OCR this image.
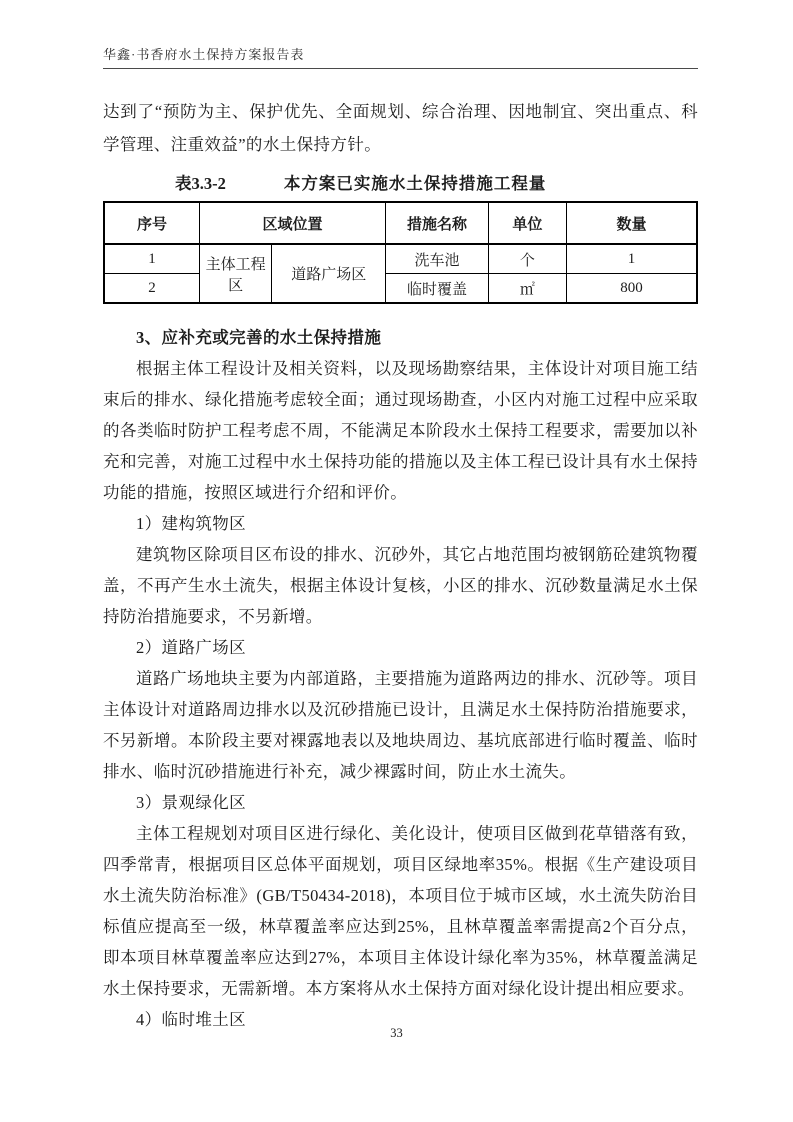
华鑫·书香府水土保持方案报告表

达到了“预防为主、保护优先、全面规划、综合治理、因地制宜、突出重点、科学管理、注重效益”的水土保持方针。

表3.3-2	本方案已实施水土保持措施工程量
序号	区域位置		措施名称	单位	数量
1	主体工程区	道路广场区	洗车池	个	1
2			临时覆盖	㎡	800

3、应补充或完善的水土保持措施

根据主体工程设计及相关资料，以及现场勘察结果，主体设计对项目施工结束后的排水、绿化措施考虑较全面；通过现场勘查，小区内对施工过程中应采取的各类临时防护工程考虑不周，不能满足本阶段水土保持工程要求，需要加以补充和完善，对施工过程中水土保持功能的措施以及主体工程已设计具有水土保持功能的措施，按照区域进行介绍和评价。

1）建构筑物区

建筑物区除项目区布设的排水、沉砂外，其它占地范围均被钢筋砼建筑物覆盖，不再产生水土流失，根据主体设计复核，小区的排水、沉砂数量满足水土保持防治措施要求，不另新增。

2）道路广场区

道路广场地块主要为内部道路，主要措施为道路两边的排水、沉砂等。项目主体设计对道路周边排水以及沉砂措施已设计，且满足水土保持防治措施要求，不另新增。本阶段主要对裸露地表以及地块周边、基坑底部进行临时覆盖、临时排水、临时沉砂措施进行补充，减少裸露时间，防止水土流失。

3）景观绿化区

主体工程规划对项目区进行绿化、美化设计，使项目区做到花草错落有致，四季常青，根据项目区总体平面规划，项目区绿地率35%。根据《生产建设项目水土流失防治标准》(GB/T50434-2018)，本项目位于城市区域，水土流失防治目标值应提高至一级，林草覆盖率应达到25%，且林草覆盖率需提高2个百分点，即本项目林草覆盖率应达到27%，本项目主体设计绿化率为35%，林草覆盖满足水土保持要求，无需新增。本方案将从水土保持方面对绿化设计提出相应要求。

4）临时堆土区

33
